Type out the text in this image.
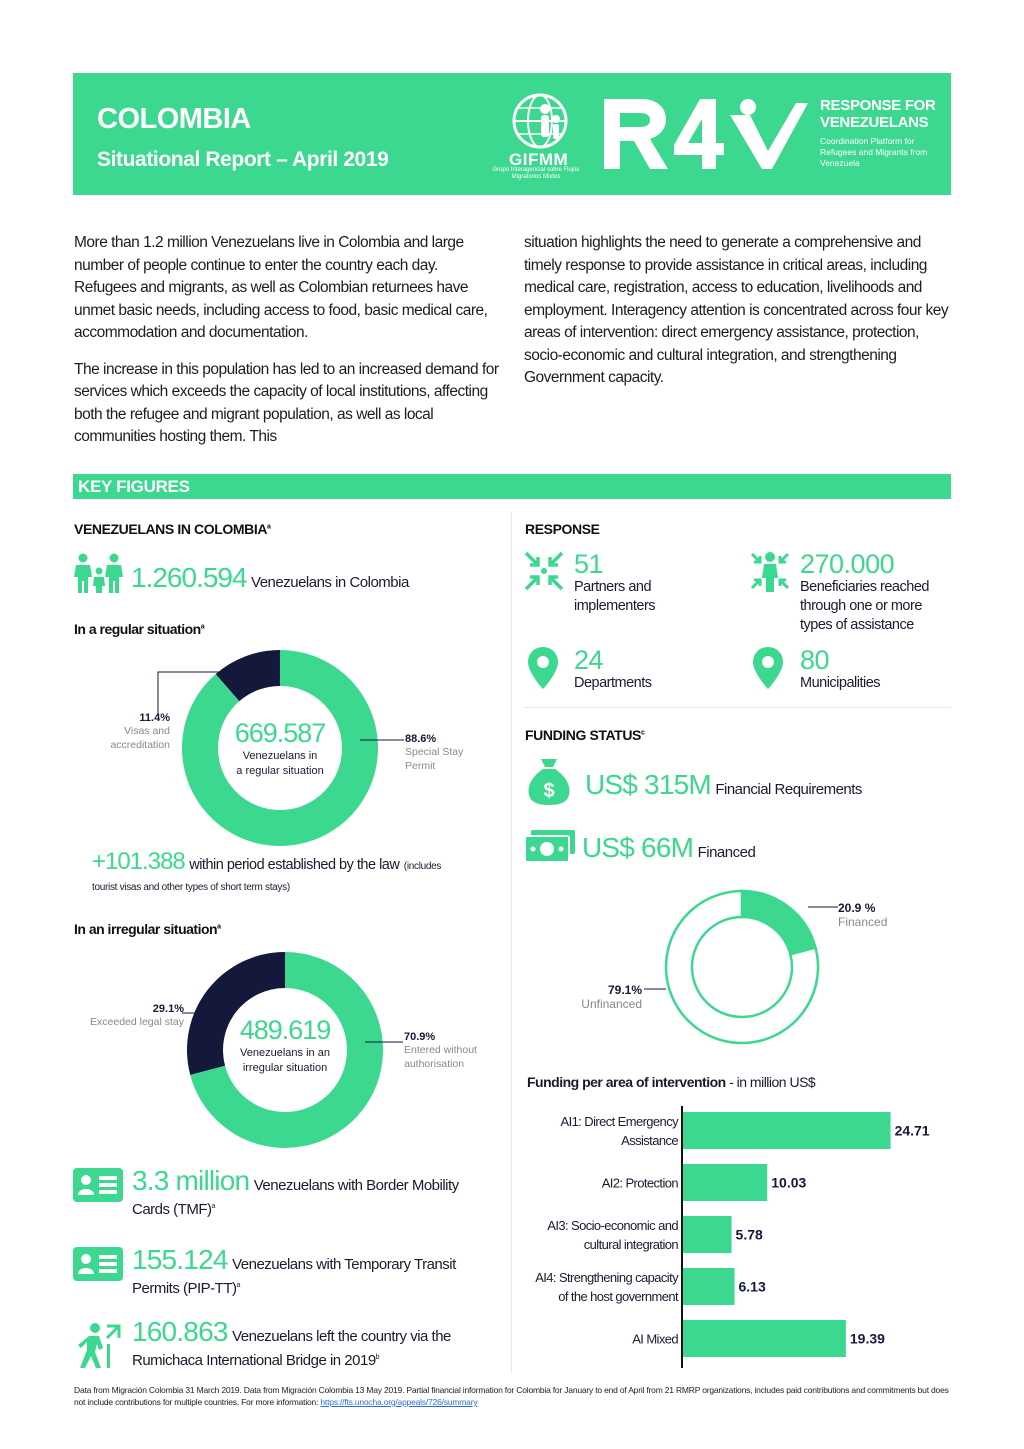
COLOMBIA
Situational Report – April 2019	GIFMM
Grupo Interagencial sobre Flujos Migratorios Mixtos
RESPONSE FOR
VENEZUELANS
Coordination Platform for Refugees and Migrants from Venezuela

More than 1.2 million Venezuelans live in Colombia and large number of people continue to enter the country each day. Refugees and migrants, as well as Colombian returnees have unmet basic needs, including access to food, basic medical care, accommodation and documentation.

The increase in this population has led to an increased demand for services which exceeds the capacity of local institutions, affecting both the refugee and migrant population, as well as local communities hosting them. This

situation highlights the need to generate a comprehensive and timely response to provide assistance in critical areas, including medical care, registration, access to education, livelihoods and employment. Interagency attention is concentrated across four key areas of intervention: direct emergency assistance, protection, socio-economic and cultural integration, and strengthening Government capacity.

KEY FIGURES
VENEZUELANS IN COLOMBIA$^a$
1.260.594 Venezuelans in Colombia
In a regular situation$^a$
11.4%
Visas and
accreditation	88.6%
Special Stay
Permit
669.587
Venezuelans in
a regular situation
+101.388 within period established by the law (includes
tourist visas and other types of short term stays)
In an irregular situation$^a$
29.1%
Exceeded legal stay
70.9%
Entered without
authorisation
489.619
Venezuelans in an
irregular situation
3.3 million Venezuelans with Border Mobility
Cards (TMF)$^a$
155.124 Venezuelans with Temporary Transit
Permits $(PIP-TT)^a$
160.863 Venezuelans left the country via the
Rumichaca International Bridge in 2019$^b$
RESPONSE
51
Partners and
implementers
270.000
Beneficiaries reached
through one or more
types of assistance
24
Departments
80
Municipalities
FUNDING STATUS$^c$
$ US$ 315M Financial Requirements
US$ 66M Financed
20.9 %
Financed
79.1%
Unfinanced
Funding per area of intervention - in million US$
24.71
AI1: Direct Emergency
Assistance
10.03
AI2: Protection
5.78
AI3: Socio-economic and
cultural integration
6.13
AI4: Strengthening capacity
of the host government
19.39
AI Mixed
Data from Migración Colombia 31 March 2019. Data from Migración Colombia 13 May 2019. Partial financial information for Colombia for January to end of April from 21 RMRP organizations, includes paid contributions and commitments but does not include contributions for multiple countries. For more information: https://fts.unocha.org/appeals/726/summary
